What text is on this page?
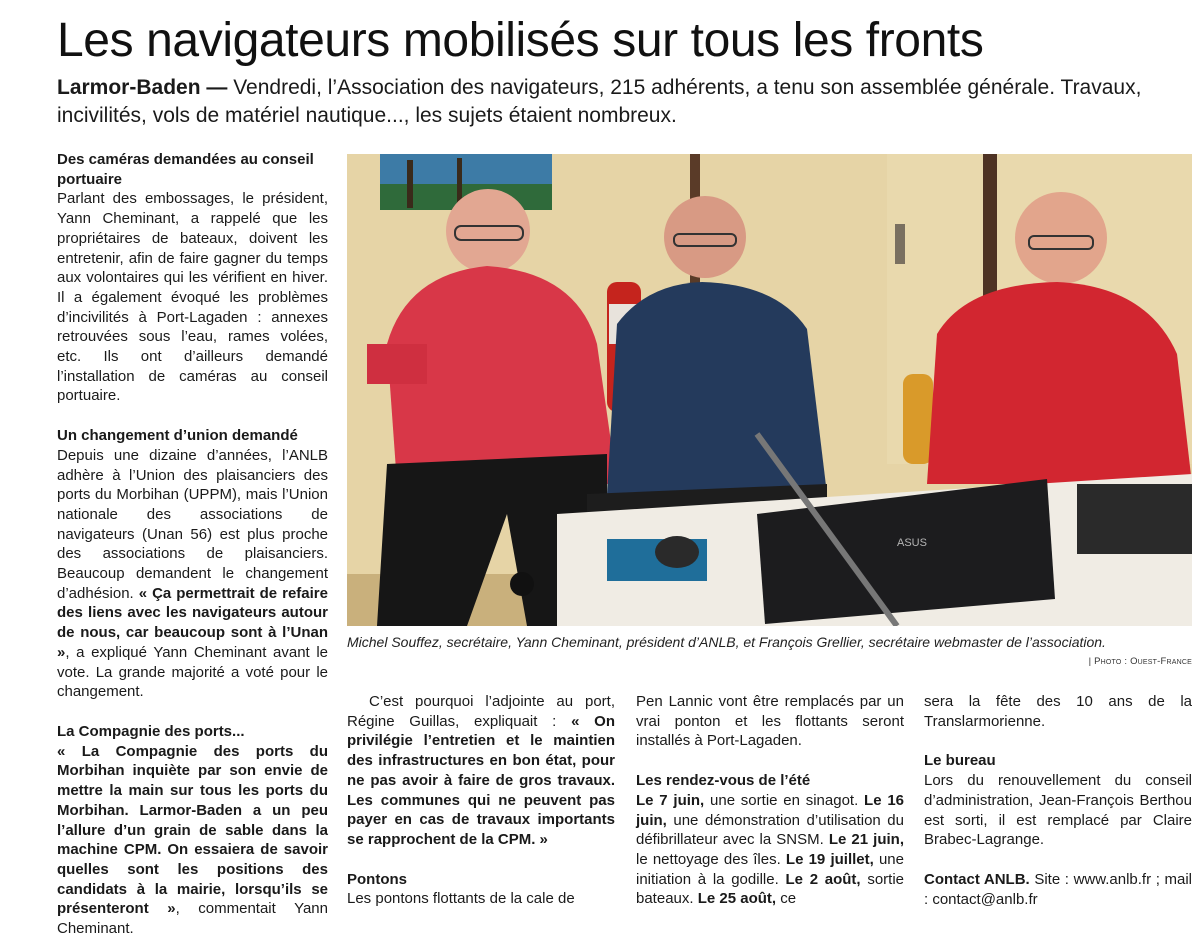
Les navigateurs mobilisés sur tous les fronts

Larmor-Baden — Vendredi, l’Association des navigateurs, 215 adhérents, a tenu son assemblée générale. Travaux, incivilités, vols de matériel nautique..., les sujets étaient nombreux.

Des caméras demandées au conseil portuaire

Parlant des embossages, le président, Yann Cheminant, a rappelé que les propriétaires de bateaux, doivent les entretenir, afin de faire gagner du temps aux volontaires qui les vérifient en hiver. Il a également évoqué les problèmes d’incivilités à Port-Lagaden : annexes retrouvées sous l’eau, rames volées, etc. Ils ont d’ailleurs demandé l’installation de caméras au conseil portuaire.

Un changement d’union demandé

Depuis une dizaine d’années, l’ANLB adhère à l’Union des plaisanciers des ports du Morbihan (UPPM), mais l’Union nationale des associations de navigateurs (Unan 56) est plus proche des associations de plaisanciers. Beaucoup demandent le changement d’adhésion. « Ça permettrait de refaire des liens avec les navigateurs autour de nous, car beaucoup sont à l’Unan », a expliqué Yann Cheminant avant le vote. La grande majorité a voté pour le changement.

La Compagnie des ports...

« La Compagnie des ports du Morbihan inquiète par son envie de mettre la main sur tous les ports du Morbihan. Larmor-Baden a un peu l’allure d’un grain de sable dans la machine CPM. On essaiera de savoir quelles sont les positions des candidats à la mairie, lorsqu’ils se présenteront », commentait Yann Cheminant.

ASUS

Michel Souffez, secrétaire, Yann Cheminant, président d’ANLB, et François Grellier, secrétaire webmaster de l’association.

| Photo : Ouest-France

C’est pourquoi l’adjointe au port, Régine Guillas, expliquait : « On privilégie l’entretien et le maintien des infrastructures en bon état, pour ne pas avoir à faire de gros travaux. Les communes qui ne peuvent pas payer en cas de travaux importants se rapprochent de la CPM. »

Pontons

Les pontons flottants de la cale de

Pen Lannic vont être remplacés par un vrai ponton et les flottants seront installés à Port-Lagaden.

Les rendez-vous de l’été

Le 7 juin, une sortie en sinagot. Le 16 juin, une démonstration d’utilisation du défibrillateur avec la SNSM. Le 21 juin, le nettoyage des îles. Le 19 juillet, une initiation à la godille. Le 2 août, sortie bateaux. Le 25 août, ce

sera la fête des 10 ans de la Translarmorienne.

Le bureau

Lors du renouvellement du conseil d’administration, Jean-François Berthou est sorti, il est remplacé par Claire Brabec-Lagrange.

Contact ANLB. Site : www.anlb.fr ; mail : contact@anlb.fr
